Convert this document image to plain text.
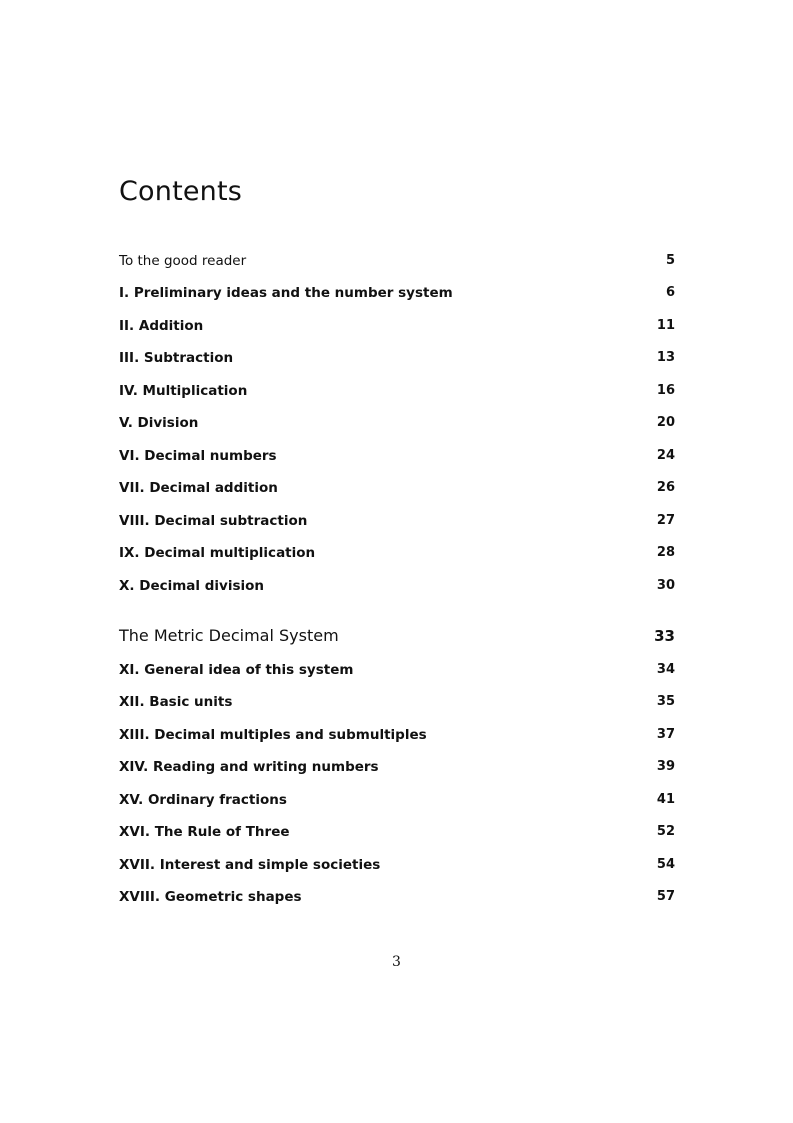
Contents
To the good reader	5
I. Preliminary ideas and the number system	6
II. Addition	11
III. Subtraction	13
IV. Multiplication	16
V. Division	20
VI. Decimal numbers	24
VII. Decimal addition	26
VIII. Decimal subtraction	27
IX. Decimal multiplication	28
X. Decimal division	30
The Metric Decimal System	33
XI. General idea of this system	34
XII. Basic units	35
XIII. Decimal multiples and submultiples	37
XIV. Reading and writing numbers	39
XV. Ordinary fractions	41
XVI. The Rule of Three	52
XVII. Interest and simple societies	54
XVIII. Geometric shapes	57
3
